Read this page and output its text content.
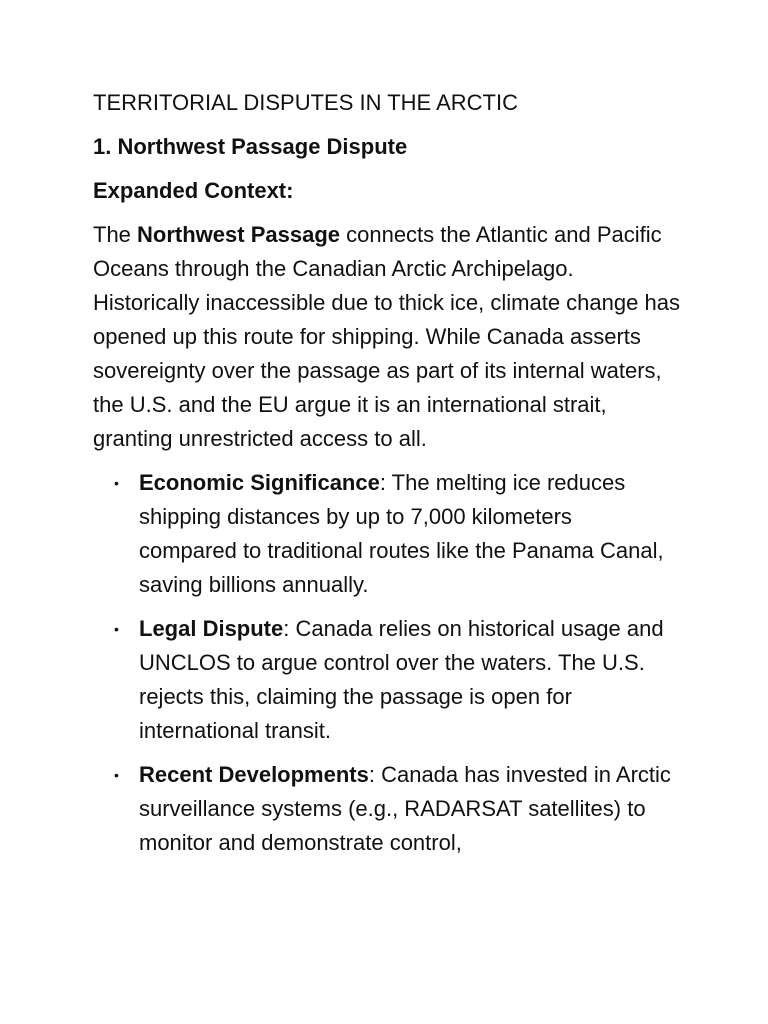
TERRITORIAL DISPUTES IN THE ARCTIC
1. Northwest Passage Dispute
Expanded Context:

The Northwest Passage connects the Atlantic and Pacific Oceans through the Canadian Arctic Archipelago. Historically inaccessible due to thick ice, climate change has opened up this route for shipping. While Canada asserts sovereignty over the passage as part of its internal waters, the U.S. and the EU argue it is an international strait, granting unrestricted access to all.

• Economic Significance: The melting ice reduces shipping distances by up to 7,000 kilometers compared to traditional routes like the Panama Canal, saving billions annually.
• Legal Dispute: Canada relies on historical usage and UNCLOS to argue control over the waters. The U.S. rejects this, claiming the passage is open for international transit.
• Recent Developments: Canada has invested in Arctic surveillance systems (e.g., RADARSAT satellites) to monitor and demonstrate control,
